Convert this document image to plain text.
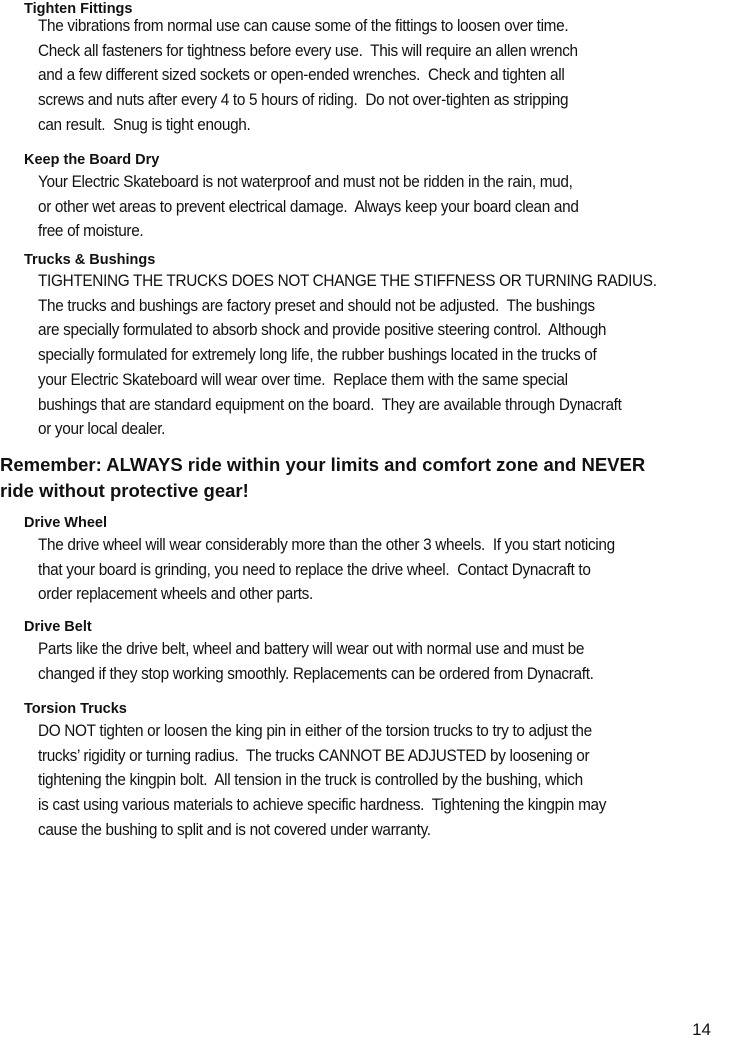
Tighten Fittings
The vibrations from normal use can cause some of the fittings to loosen over time.
Check all fasteners for tightness before every use.  This will require an allen wrench
and a few different sized sockets or open-ended wrenches.  Check and tighten all
screws and nuts after every 4 to 5 hours of riding.  Do not over-tighten as stripping
can result.  Snug is tight enough.
Keep the Board Dry
Your Electric Skateboard is not waterproof and must not be ridden in the rain, mud,
or other wet areas to prevent electrical damage.  Always keep your board clean and
free of moisture.
Trucks & Bushings
TIGHTENING THE TRUCKS DOES NOT CHANGE THE STIFFNESS OR TURNING RADIUS.
The trucks and bushings are factory preset and should not be adjusted.  The bushings
are specially formulated to absorb shock and provide positive steering control.  Although
specially formulated for extremely long life, the rubber bushings located in the trucks of
your Electric Skateboard will wear over time.  Replace them with the same special
bushings that are standard equipment on the board.  They are available through Dynacraft
or your local dealer.
Remember: ALWAYS ride within your limits and comfort zone and NEVER
ride without protective gear!
Drive Wheel
The drive wheel will wear considerably more than the other 3 wheels.  If you start noticing
that your board is grinding, you need to replace the drive wheel.  Contact Dynacraft to
order replacement wheels and other parts.
Drive Belt
Parts like the drive belt, wheel and battery will wear out with normal use and must be
changed if they stop working smoothly. Replacements can be ordered from Dynacraft.
Torsion Trucks
DO NOT tighten or loosen the king pin in either of the torsion trucks to try to adjust the
trucks’ rigidity or turning radius.  The trucks CANNOT BE ADJUSTED by loosening or
tightening the kingpin bolt.  All tension in the truck is controlled by the bushing, which
is cast using various materials to achieve specific hardness.  Tightening the kingpin may
cause the bushing to split and is not covered under warranty.
14
